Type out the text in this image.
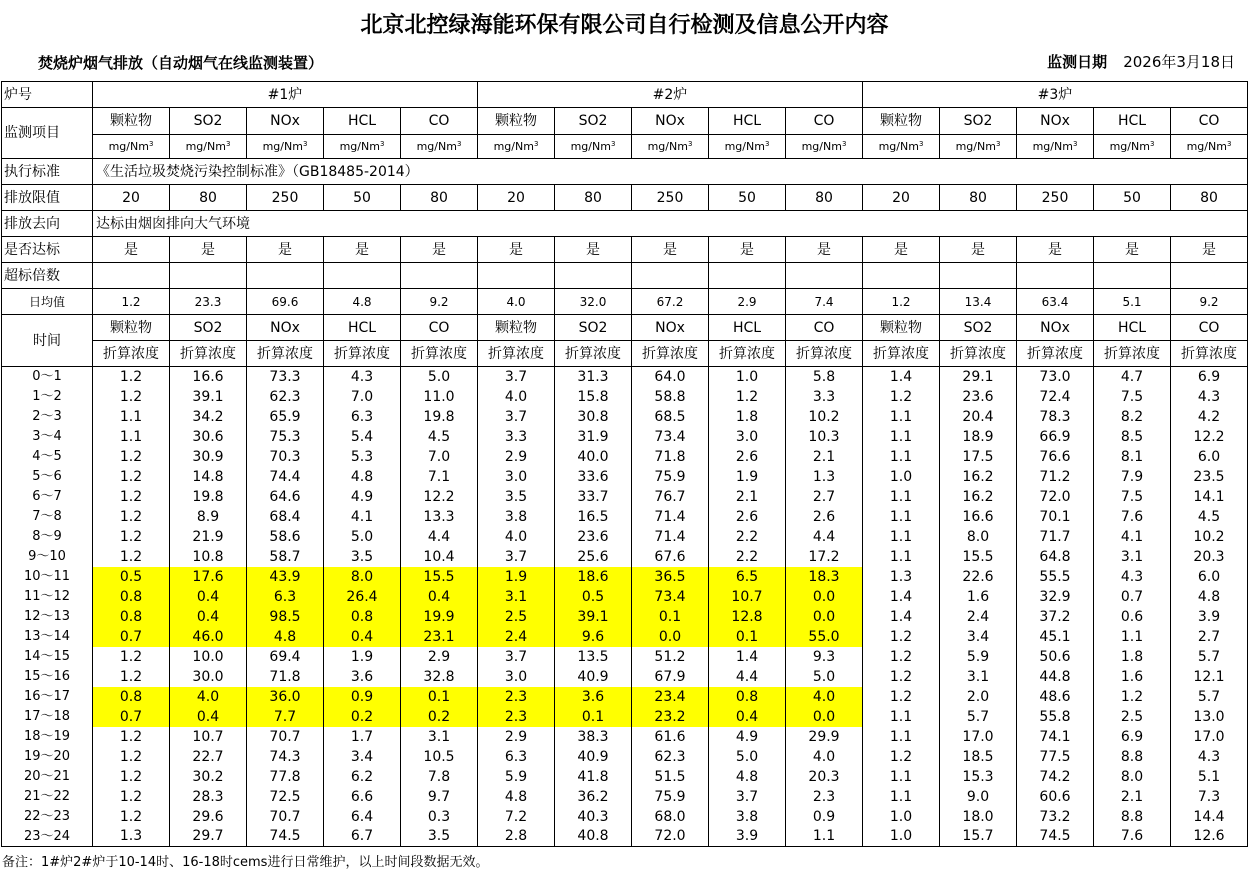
北京北控绿海能环保有限公司自行检测及信息公开内容
焚烧炉烟气排放（自动烟气在线监测装置）	监测日期 2026年3月18日
炉号	#1炉					#2炉					#3炉				
监测项目	颗粒物	SO2	NOx	HCL	CO	颗粒物	SO2	NOx	HCL	CO	颗粒物	SO2	NOx	HCL	CO
	mg/Nm$^3$	mg/Nm$^3$	mg/Nm$^3$	mg/Nm$^3$	mg/Nm$^3$	mg/Nm$^3$	mg/Nm$^3$	mg/Nm$^3$	mg/Nm$^3$	mg/Nm$^3$	mg/Nm$^3$	mg/Nm$^3$	mg/Nm$^3$	mg/Nm$^3$	mg/Nm$^3$
执行标准	《生活垃圾焚烧污染控制标准》（GB18485-2014）														
排放限值	20	80	250	50	80	20	80	250	50	80	20	80	250	50	80
排放去向	达标由烟囱排向大气环境														
是否达标	是	是	是	是	是	是	是	是	是	是	是	是	是	是	是
超标倍数															
日均值	1.2	23.3	69.6	4.8	9.2	4.0	32.0	67.2	2.9	7.4	1.2	13.4	63.4	5.1	9.2
时间	颗粒物	SO2	NOx	HCL	CO	颗粒物	SO2	NOx	HCL	CO	颗粒物	SO2	NOx	HCL	CO
	折算浓度	折算浓度	折算浓度	折算浓度	折算浓度	折算浓度	折算浓度	折算浓度	折算浓度	折算浓度	折算浓度	折算浓度	折算浓度	折算浓度	折算浓度
0～1	1.2	16.6	73.3	4.3	5.0	3.7	31.3	64.0	1.0	5.8	1.4	29.1	73.0	4.7	6.9
1～2	1.2	39.1	62.3	7.0	11.0	4.0	15.8	58.8	1.2	3.3	1.2	23.6	72.4	7.5	4.3
2～3	1.1	34.2	65.9	6.3	19.8	3.7	30.8	68.5	1.8	10.2	1.1	20.4	78.3	8.2	4.2
3～4	1.1	30.6	75.3	5.4	4.5	3.3	31.9	73.4	3.0	10.3	1.1	18.9	66.9	8.5	12.2
4～5	1.2	30.9	70.3	5.3	7.0	2.9	40.0	71.8	2.6	2.1	1.1	17.5	76.6	8.1	6.0
5～6	1.2	14.8	74.4	4.8	7.1	3.0	33.6	75.9	1.9	1.3	1.0	16.2	71.2	7.9	23.5
6～7	1.2	19.8	64.6	4.9	12.2	3.5	33.7	76.7	2.1	2.7	1.1	16.2	72.0	7.5	14.1
7～8	1.2	8.9	68.4	4.1	13.3	3.8	16.5	71.4	2.6	2.6	1.1	16.6	70.1	7.6	4.5
8～9	1.2	21.9	58.6	5.0	4.4	4.0	23.6	71.4	2.2	4.4	1.1	8.0	71.7	4.1	10.2
9～10	1.2	10.8	58.7	3.5	10.4	3.7	25.6	67.6	2.2	17.2	1.1	15.5	64.8	3.1	20.3
10～11	0.5	17.6	43.9	8.0	15.5	1.9	18.6	36.5	6.5	18.3	1.3	22.6	55.5	4.3	6.0
11～12	0.8	0.4	6.3	26.4	0.4	3.1	0.5	73.4	10.7	0.0	1.4	1.6	32.9	0.7	4.8
12～13	0.8	0.4	98.5	0.8	19.9	2.5	39.1	0.1	12.8	0.0	1.4	2.4	37.2	0.6	3.9
13～14	0.7	46.0	4.8	0.4	23.1	2.4	9.6	0.0	0.1	55.0	1.2	3.4	45.1	1.1	2.7
14～15	1.2	10.0	69.4	1.9	2.9	3.7	13.5	51.2	1.4	9.3	1.2	5.9	50.6	1.8	5.7
15～16	1.2	30.0	71.8	3.6	32.8	3.0	40.9	67.9	4.4	5.0	1.2	3.1	44.8	1.6	12.1
16～17	0.8	4.0	36.0	0.9	0.1	2.3	3.6	23.4	0.8	4.0	1.2	2.0	48.6	1.2	5.7
17～18	0.7	0.4	7.7	0.2	0.2	2.3	0.1	23.2	0.4	0.0	1.1	5.7	55.8	2.5	13.0
18～19	1.2	10.7	70.7	1.7	3.1	2.9	38.3	61.6	4.9	29.9	1.1	17.0	74.1	6.9	17.0
19～20	1.2	22.7	74.3	3.4	10.5	6.3	40.9	62.3	5.0	4.0	1.2	18.5	77.5	8.8	4.3
20～21	1.2	30.2	77.8	6.2	7.8	5.9	41.8	51.5	4.8	20.3	1.1	15.3	74.2	8.0	5.1
21～22	1.2	28.3	72.5	6.6	9.7	4.8	36.2	75.9	3.7	2.3	1.1	9.0	60.6	2.1	7.3
22～23	1.2	29.6	70.7	6.4	0.3	7.2	40.3	68.0	3.8	0.9	1.0	18.0	73.2	8.8	14.4
23～24	1.3	29.7	74.5	6.7	3.5	2.8	40.8	72.0	3.9	1.1	1.0	15.7	74.5	7.6	12.6
备注：1#炉2#炉于10-14时、16-18时cems进行日常维护，以上时间段数据无效。
